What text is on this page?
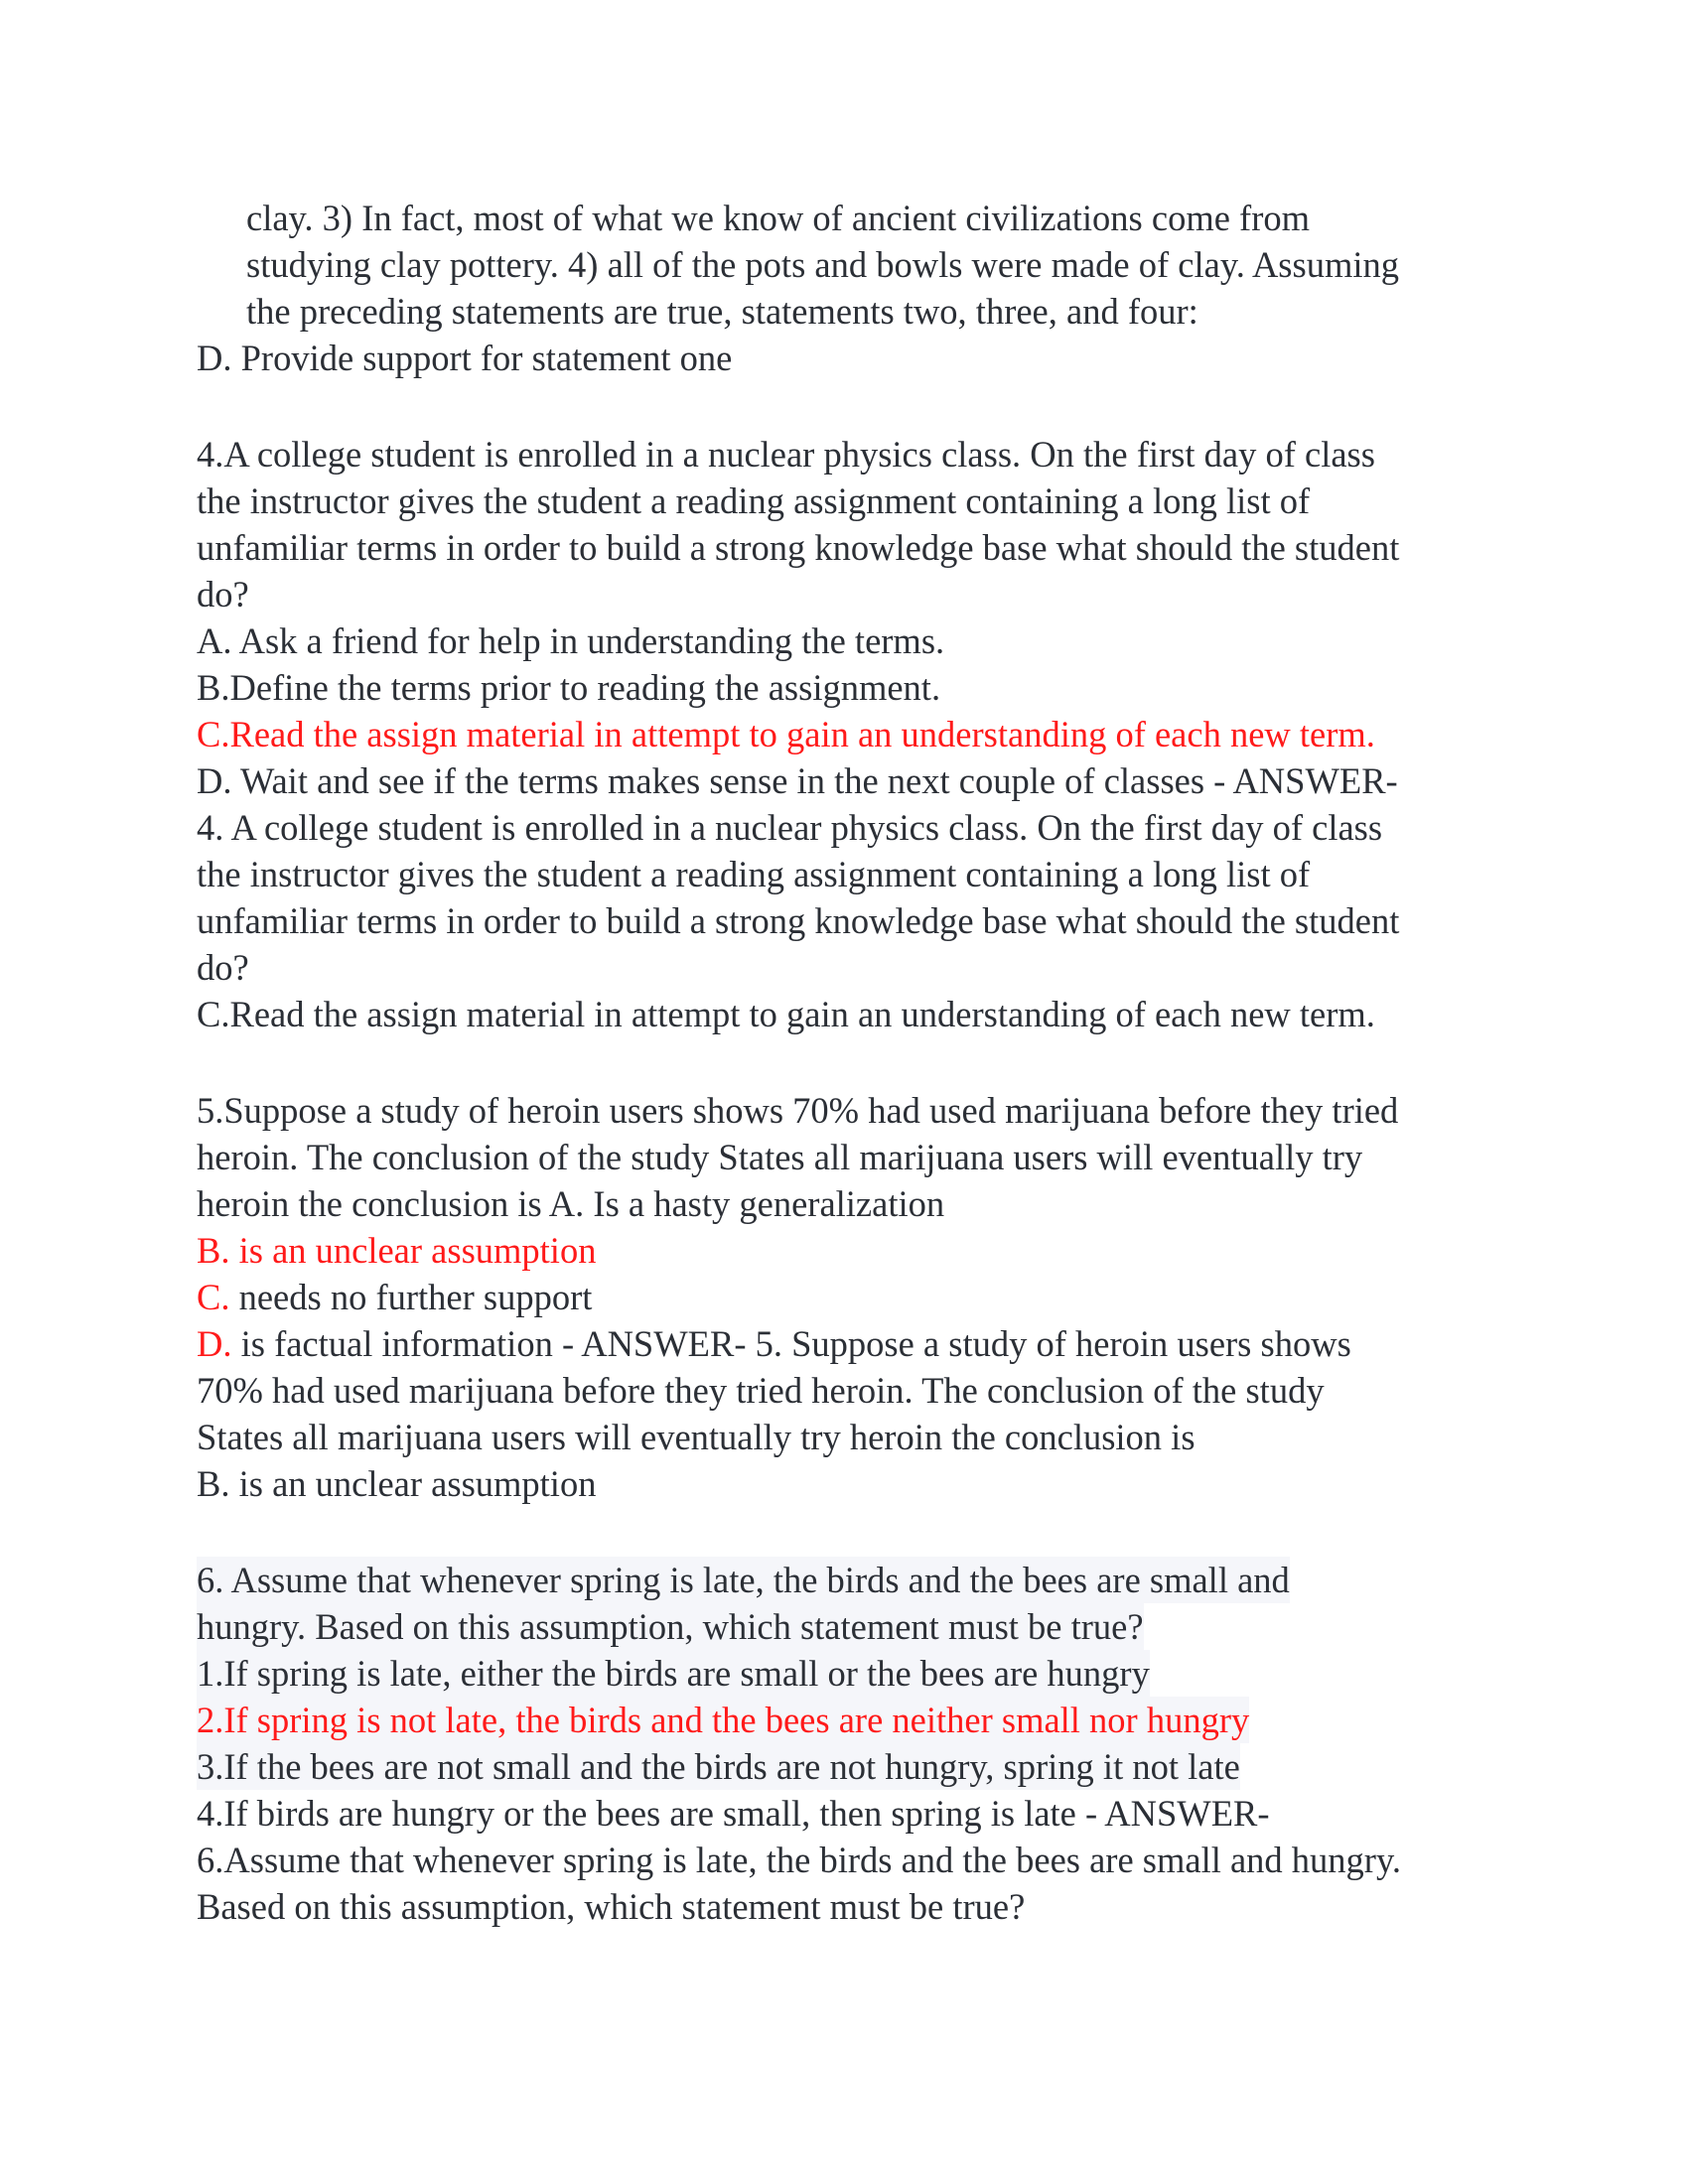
clay. 3) In fact, most of what we know of ancient civilizations come from
studying clay pottery. 4) all of the pots and bowls were made of clay. Assuming
the preceding statements are true, statements two, three, and four:
D. Provide support for statement one
4.A college student is enrolled in a nuclear physics class. On the first day of class
the instructor gives the student a reading assignment containing a long list of
unfamiliar terms in order to build a strong knowledge base what should the student
do?
A. Ask a friend for help in understanding the terms.
B.Define the terms prior to reading the assignment.
C.Read the assign material in attempt to gain an understanding of each new term.
D. Wait and see if the terms makes sense in the next couple of classes - ANSWER-
4. A college student is enrolled in a nuclear physics class. On the first day of class
the instructor gives the student a reading assignment containing a long list of
unfamiliar terms in order to build a strong knowledge base what should the student
do?
C.Read the assign material in attempt to gain an understanding of each new term.
5.Suppose a study of heroin users shows 70% had used marijuana before they tried
heroin. The conclusion of the study States all marijuana users will eventually try
heroin the conclusion is A. Is a hasty generalization
B. is an unclear assumption
C. needs no further support
D. is factual information - ANSWER- 5. Suppose a study of heroin users shows
70% had used marijuana before they tried heroin. The conclusion of the study
States all marijuana users will eventually try heroin the conclusion is
B. is an unclear assumption
6. Assume that whenever spring is late, the birds and the bees are small and
hungry. Based on this assumption, which statement must be true?
1.If spring is late, either the birds are small or the bees are hungry
2.If spring is not late, the birds and the bees are neither small nor hungry
3.If the bees are not small and the birds are not hungry, spring it not late
4.If birds are hungry or the bees are small, then spring is late - ANSWER-
6.Assume that whenever spring is late, the birds and the bees are small and hungry.
Based on this assumption, which statement must be true?
